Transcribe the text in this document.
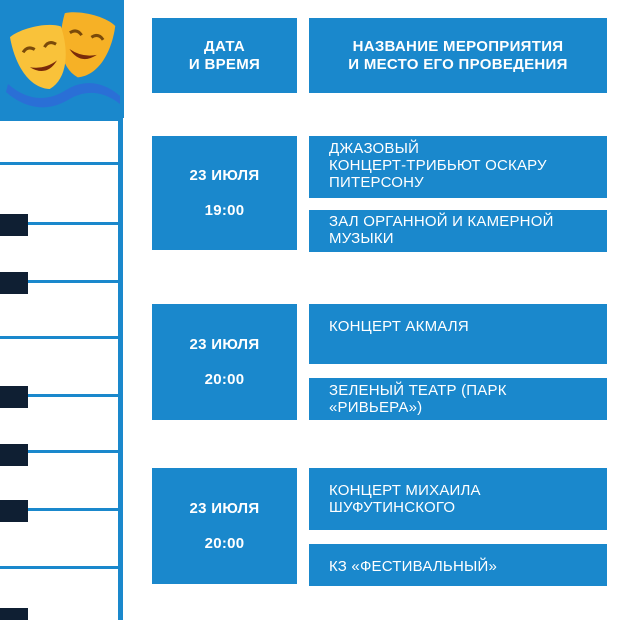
ДАТА
И ВРЕМЯ
НАЗВАНИЕ МЕРОПРИЯТИЯ
И МЕСТО ЕГО ПРОВЕДЕНИЯ
23 ИЮЛЯ
19:00
ДЖАЗОВЫЙ
КОНЦЕРТ-ТРИБЬЮТ ОСКАРУ
ПИТЕРСОНУ
ЗАЛ ОРГАННОЙ И КАМЕРНОЙ
МУЗЫКИ
23 ИЮЛЯ
20:00
КОНЦЕРТ АКМАЛЯ
ЗЕЛЕНЫЙ ТЕАТР (ПАРК
«РИВЬЕРА»)
23 ИЮЛЯ
20:00
КОНЦЕРТ МИХАИЛА
ШУФУТИНСКОГО
КЗ «ФЕСТИВАЛЬНЫЙ»
